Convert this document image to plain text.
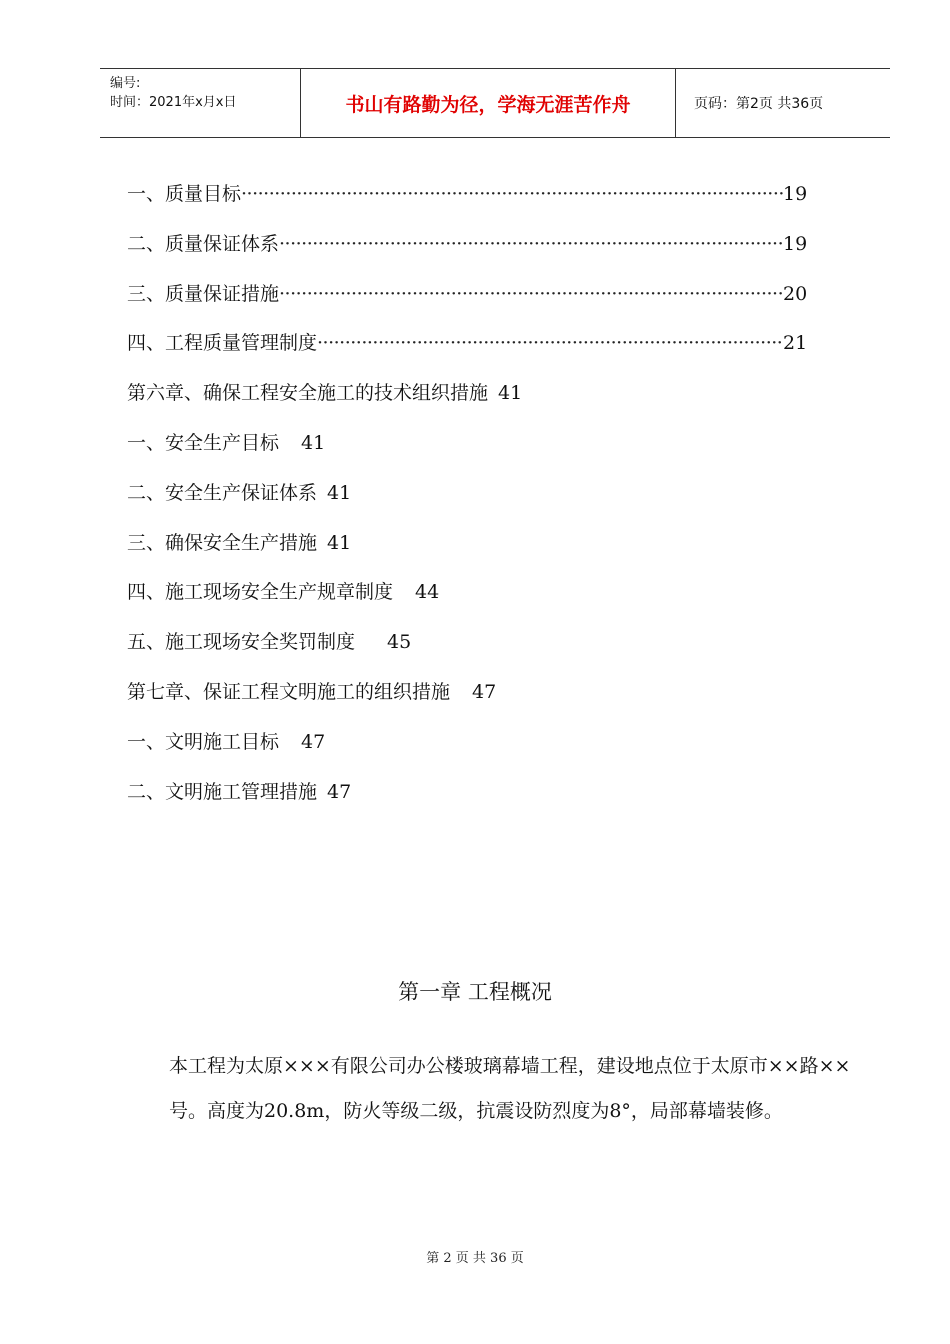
编号:
时间：2021年x月x日	书山有路勤为径，学海无涯苦作舟	页码：第2页 共36页
一、质量目标 ·····	19
二、质量保证体系 ·····	19
三、质量保证措施 ·····	20
四、工程质量管理制度 ·····	21
第六章、确保工程安全施工的技术组织措施 41
一、安全生产目标 41
二、安全生产保证体系 41
三、确保安全生产措施 41
四、施工现场安全生产规章制度 44
五、施工现场安全奖罚制度 45
第七章、保证工程文明施工的组织措施 47
一、文明施工目标 47
二、文明施工管理措施 47
第一章 工程概况
本工程为太原×××有限公司办公楼玻璃幕墙工程，建设地点位于太原市××路××号。高度为20.8m，防火等级二级，抗震设防烈度为8°，局部幕墙装修。
第 2 页 共 36 页
